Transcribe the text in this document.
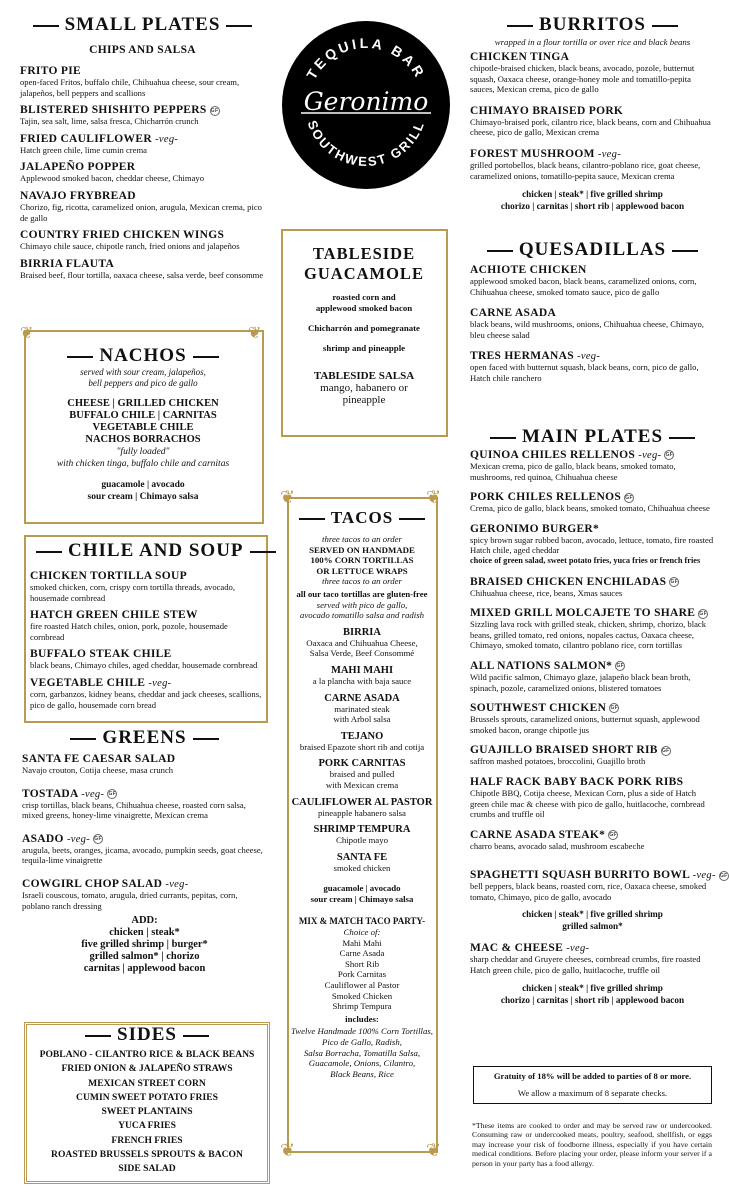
SMALL PLATES
CHIPS AND SALSA
FRITO PIE
open-faced Fritos, buffalo chile, Chihuahua cheese, sour cream, jalapeños, bell peppers and scallions
BLISTERED SHISHITO PEPPERS GF
Tajin, sea salt, lime, salsa fresca, Chicharrón crunch
FRIED CAULIFLOWER -veg-
Hatch green chile, lime cumin crema
JALAPEÑO POPPER
Applewood smoked bacon, cheddar cheese, Chimayo
NAVAJO FRYBREAD
Chorizo, fig, ricotta, caramelized onion, arugula, Mexican crema, pico de gallo
COUNTRY FRIED CHICKEN WINGS
Chimayo chile sauce, chipotle ranch, fried onions and jalapeños
BIRRIA FLAUTA
Braised beef, flour tortilla, oaxaca cheese, salsa verde, beef consomme
❦	❦
NACHOS
served with sour cream, jalapeños,
bell peppers and pico de gallo
CHEESE | GRILLED CHICKEN
BUFFALO CHILE | CARNITAS
VEGETABLE CHILE
NACHOS BORRACHOS
"fully loaded"
with chicken tinga, buffalo chile and carnitas
guacamole | avocado
sour cream | Chimayo salsa
CHILE AND SOUP
CHICKEN TORTILLA SOUP
smoked chicken, corn, crispy corn tortilla threads, avocado, housemade cornbread
HATCH GREEN CHILE STEW
fire roasted Hatch chiles, onion, pork, pozole, housemade cornbread
BUFFALO STEAK CHILE
black beans, Chimayo chiles, aged cheddar, housemade cornbread
VEGETABLE CHILE -veg-
corn, garbanzos, kidney beans, cheddar and jack cheeses, scallions, pico de gallo, housemade corn bread
GREENS
SANTA FE CAESAR SALAD
Navajo crouton, Cotija cheese, masa crunch
TOSTADA -veg- GF
crisp tortillas, black beans, Chihuahua cheese, roasted corn salsa, mixed greens, honey-lime vinaigrette, Mexican crema
ASADO -veg- GF
arugula, beets, oranges, jicama, avocado, pumpkin seeds, goat cheese, tequila-lime vinaigrette
COWGIRL CHOP SALAD -veg-
Israeli couscous, tomato, arugula, dried currants, pepitas, corn, poblano ranch dressing
ADD:
chicken | steak*
five grilled shrimp | burger*
grilled salmon* | chorizo
carnitas | applewood bacon
SIDES
POBLANO - CILANTRO RICE & BLACK BEANS
FRIED ONION & JALAPEÑO STRAWS
MEXICAN STREET CORN
CUMIN SWEET POTATO FRIES
SWEET PLANTAINS
YUCA FRIES
FRENCH FRIES
ROASTED BRUSSELS SPROUTS & BACON
SIDE SALAD
TEQUILA BAR
SOUTHWEST GRILL
Geronimo
TABLESIDE
GUACAMOLE
roasted corn and
applewood smoked bacon
Chicharrón and pomegranate
shrimp and pineapple
TABLESIDE SALSA
mango, habanero or
pineapple
❦	❦
❦	❦
TACOS
three tacos to an order
SERVED ON HANDMADE
100% CORN TORTILLAS
OR LETTUCE WRAPS
three tacos to an order
all our taco tortillas are gluten-free
served with pico de gallo,
avocado tomatillo salsa and radish
BIRRIA
Oaxaca and Chihuahua Cheese,
Salsa Verde, Beef Consommé
MAHI MAHI
a la plancha with baja sauce
CARNE ASADA
marinated steak
with Arbol salsa
TEJANO
braised Epazote short rib and cotija
PORK CARNITAS
braised and pulled
with Mexican crema
CAULIFLOWER AL PASTOR
pineapple habanero salsa
SHRIMP TEMPURA
Chipotle mayo
SANTA FE
smoked chicken
guacamole | avocado
sour cream | Chimayo salsa
MIX & MATCH TACO PARTY-
Choice of:
Mahi Mahi
Carne Asada
Short Rib
Pork Carnitas
Cauliflower al Pastor
Smoked Chicken
Shrimp Tempura
includes:
Twelve Handmade 100% Corn Tortillas,
Pico de Gallo, Radish,
Salsa Borracha, Tomatilla Salsa,
Guacamole, Onions, Cilantro,
Black Beans, Rice
BURRITOS
wrapped in a flour tortilla or over rice and black beans
CHICKEN TINGA
chipotle-braised chicken, black beans, avocado, pozole, butternut squash, Oaxaca cheese, orange-honey mole and tomatillo-pepita sauces, Mexican crema, pico de gallo
CHIMAYO BRAISED PORK
Chimayo-braised pork, cilantro rice, black beans, corn and Chihuahua cheese, pico de gallo, Mexican crema
FOREST MUSHROOM -veg-
grilled portobellos, black beans, cilantro-poblano rice, goat cheese, caramelized onions, tomatillo-pepita sauce, Mexican crema
chicken | steak* | five grilled shrimp
chorizo | carnitas | short rib | applewood bacon
QUESADILLAS
ACHIOTE CHICKEN
applewood smoked bacon, black beans, caramelized onions, corn, Chihuahua cheese, smoked tomato sauce, pico de gallo
CARNE ASADA
black beans, wild mushrooms, onions, Chihuahua cheese, Chimayo, bleu cheese salad
TRES HERMANAS -veg-
open faced with butternut squash, black beans, corn, pico de gallo, Hatch chile ranchero
MAIN PLATES
QUINOA CHILES RELLENOS -veg- GF
Mexican crema, pico de gallo, black beans, smoked tomato, mushrooms, red quinoa, Chihuahua cheese
PORK CHILES RELLENOS GF
Crema, pico de gallo, black beans, smoked tomato, Chihuahua cheese
GERONIMO BURGER*
spicy brown sugar rubbed bacon, avocado, lettuce, tomato, fire roasted Hatch chile, aged cheddar
choice of green salad, sweet potato fries, yuca fries or french fries
BRAISED CHICKEN ENCHILADAS GF
Chihuahua cheese, rice, beans, Xmas sauces
MIXED GRILL MOLCAJETE TO SHARE GF
Sizzling lava rock with grilled steak, chicken, shrimp, chorizo, black beans, grilled tomato, red onions, nopales cactus, Oaxaca cheese, Chimayo, smoked tomato, cilantro poblano rice, corn tortillas
ALL NATIONS SALMON* GF
Wild pacific salmon, Chimayo glaze, jalapeño black bean broth, spinach, pozole, caramelized onions, blistered tomatoes
SOUTHWEST CHICKEN GF
Brussels sprouts, caramelized onions, butternut squash, applewood smoked bacon, orange chipotle jus
GUAJILLO BRAISED SHORT RIB GF
saffron mashed potatoes, broccolini, Guajillo broth
HALF RACK BABY BACK PORK RIBS
Chipotle BBQ, Cotija cheese, Mexican Corn, plus a side of Hatch green chile mac & cheese with pico de gallo, huitlacoche, cornbread crumbs and truffle oil
CARNE ASADA STEAK* GF
charro beans, avocado salad, mushroom escabeche
SPAGHETTI SQUASH BURRITO BOWL -veg- GF
bell peppers, black beans, roasted corn, rice, Oaxaca cheese, smoked tomato, Chimayo, pico de gallo, avocado
chicken | steak* | five grilled shrimp
grilled salmon*
MAC & CHEESE -veg-
sharp cheddar and Gruyere cheeses, cornbread crumbs, fire roasted Hatch green chile, pico de gallo, huitlacoche, truffle oil
chicken | steak* | five grilled shrimp
chorizo | carnitas | short rib | applewood bacon
Gratuity of 18% will be added to parties of 8 or more.
We allow a maximum of 8 separate checks.
*These items are cooked to order and may be served raw or undercooked. Consuming raw or undercooked meats, poultry, seafood, shellfish, or eggs may increase your risk of foodborne illness, especially if you have certain medical conditions. Before placing your order, please inform your server if a person in your party has a food allergy.
